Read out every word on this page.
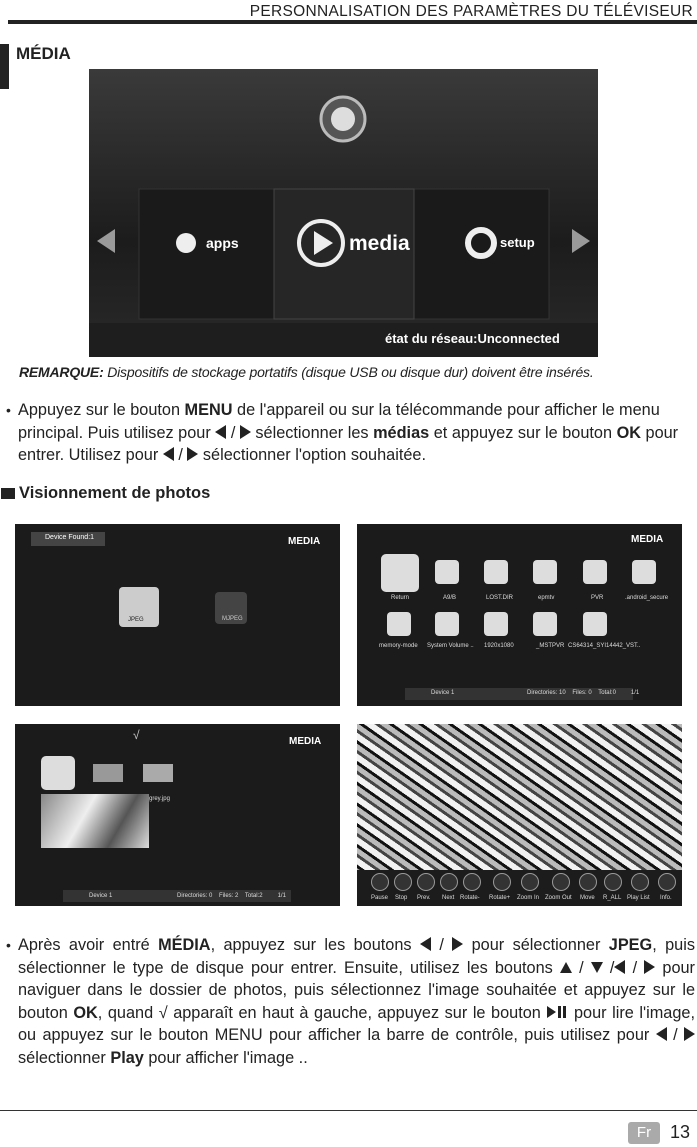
PERSONNALISATION DES PARAMÈTRES DU TÉLÉVISEUR
MÉDIA
apps	media	setup
état du réseau:Unconnected
REMARQUE: Dispositifs de stockage portatifs (disque USB ou disque dur) doivent être insérés.
• Appuyez sur le bouton MENU de l'appareil ou sur la télécommande pour afficher le menu principal. Puis utilisez pour  /  sélectionner les médias et appuyez sur le bouton OK pour entrer. Utilisez pour  /  sélectionner l'option souhaitée.
Visionnement de photos
Device Found:1	MEDIA
JPEG	MJPEG
MEDIA
Return	A9/B	LOST.DIR	epmtv	PVR	.android_secure
memory-mode System Volume .. 1920x1080	_MSTPVR CS64314_SYI14442_VST..
Device 1	Directories: 10    Files: 0    Total:0         1/1
MEDIA
√
grey.jpg
Device 1	Directories: 0    Files: 2    Total:2         1/1	Pause Stop Prev. Next Rotate- Rotate+ Zoom In Zoom Out Move R_ALL Play List Info.
• Après avoir entré MÉDIA, appuyez sur les boutons  /  pour sélectionner JPEG, puis sélectionner le type de disque pour entrer. Ensuite, utilisez les boutons  /  / /  pour naviguer dans le dossier de photos, puis sélectionnez l'image souhaitée et appuyez sur le bouton OK, quand √ apparaît en haut à gauche, appuyez sur le bouton  pour lire l'image, ou appuyez sur le bouton MENU pour afficher la barre de contrôle, puis utilisez pour  /  sélectionner Play pour afficher l'image ..
Fr	13
